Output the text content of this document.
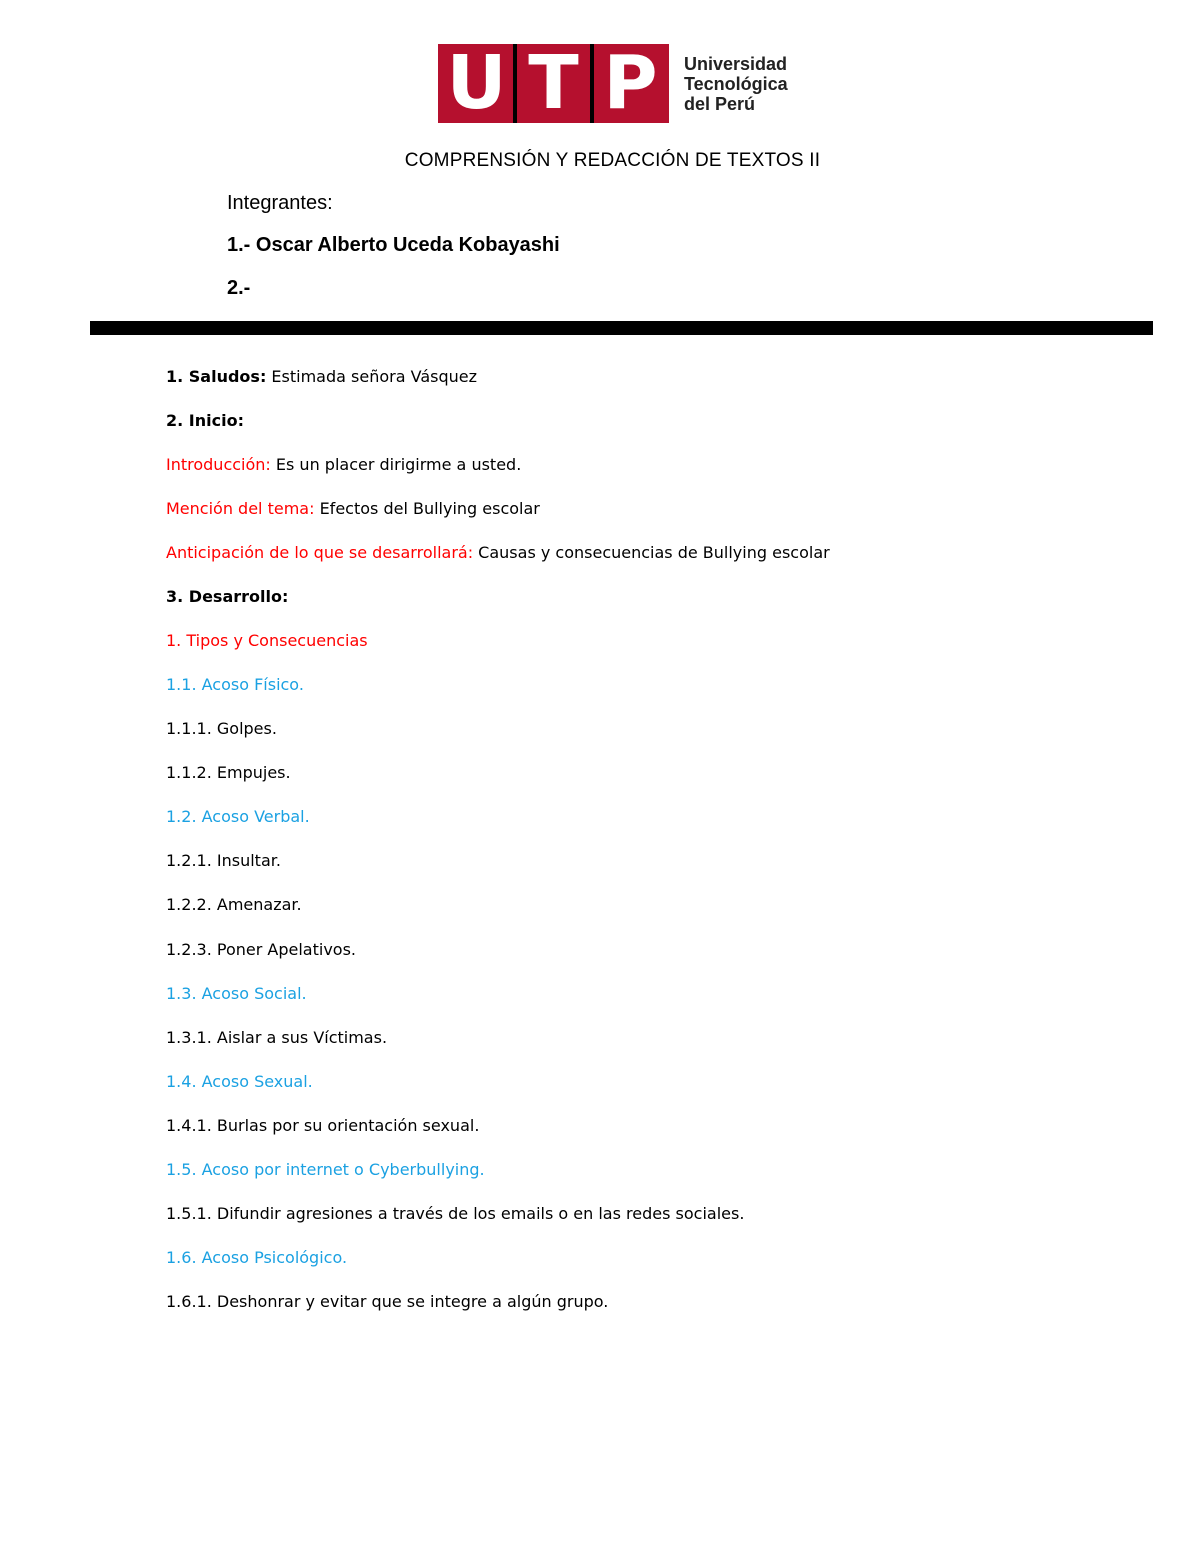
U T P	Universidad
Tecnológica
del Perú
COMPRENSIÓN Y REDACCIÓN DE TEXTOS II
Integrantes:
1.- Oscar Alberto Uceda Kobayashi
2.-
1. Saludos: Estimada señora Vásquez
2. Inicio:
Introducción: Es un placer dirigirme a usted.
Mención del tema: Efectos del Bullying escolar
Anticipación de lo que se desarrollará: Causas y consecuencias de Bullying escolar
3. Desarrollo:
1. Tipos y Consecuencias
1.1. Acoso Físico.
1.1.1. Golpes.
1.1.2. Empujes.
1.2. Acoso Verbal.
1.2.1. Insultar.
1.2.2. Amenazar.
1.2.3. Poner Apelativos.
1.3. Acoso Social.
1.3.1. Aislar a sus Víctimas.
1.4. Acoso Sexual.
1.4.1. Burlas por su orientación sexual.
1.5. Acoso por internet o Cyberbullying.
1.5.1. Difundir agresiones a través de los emails o en las redes sociales.
1.6. Acoso Psicológico.
1.6.1. Deshonrar y evitar que se integre a algún grupo.
